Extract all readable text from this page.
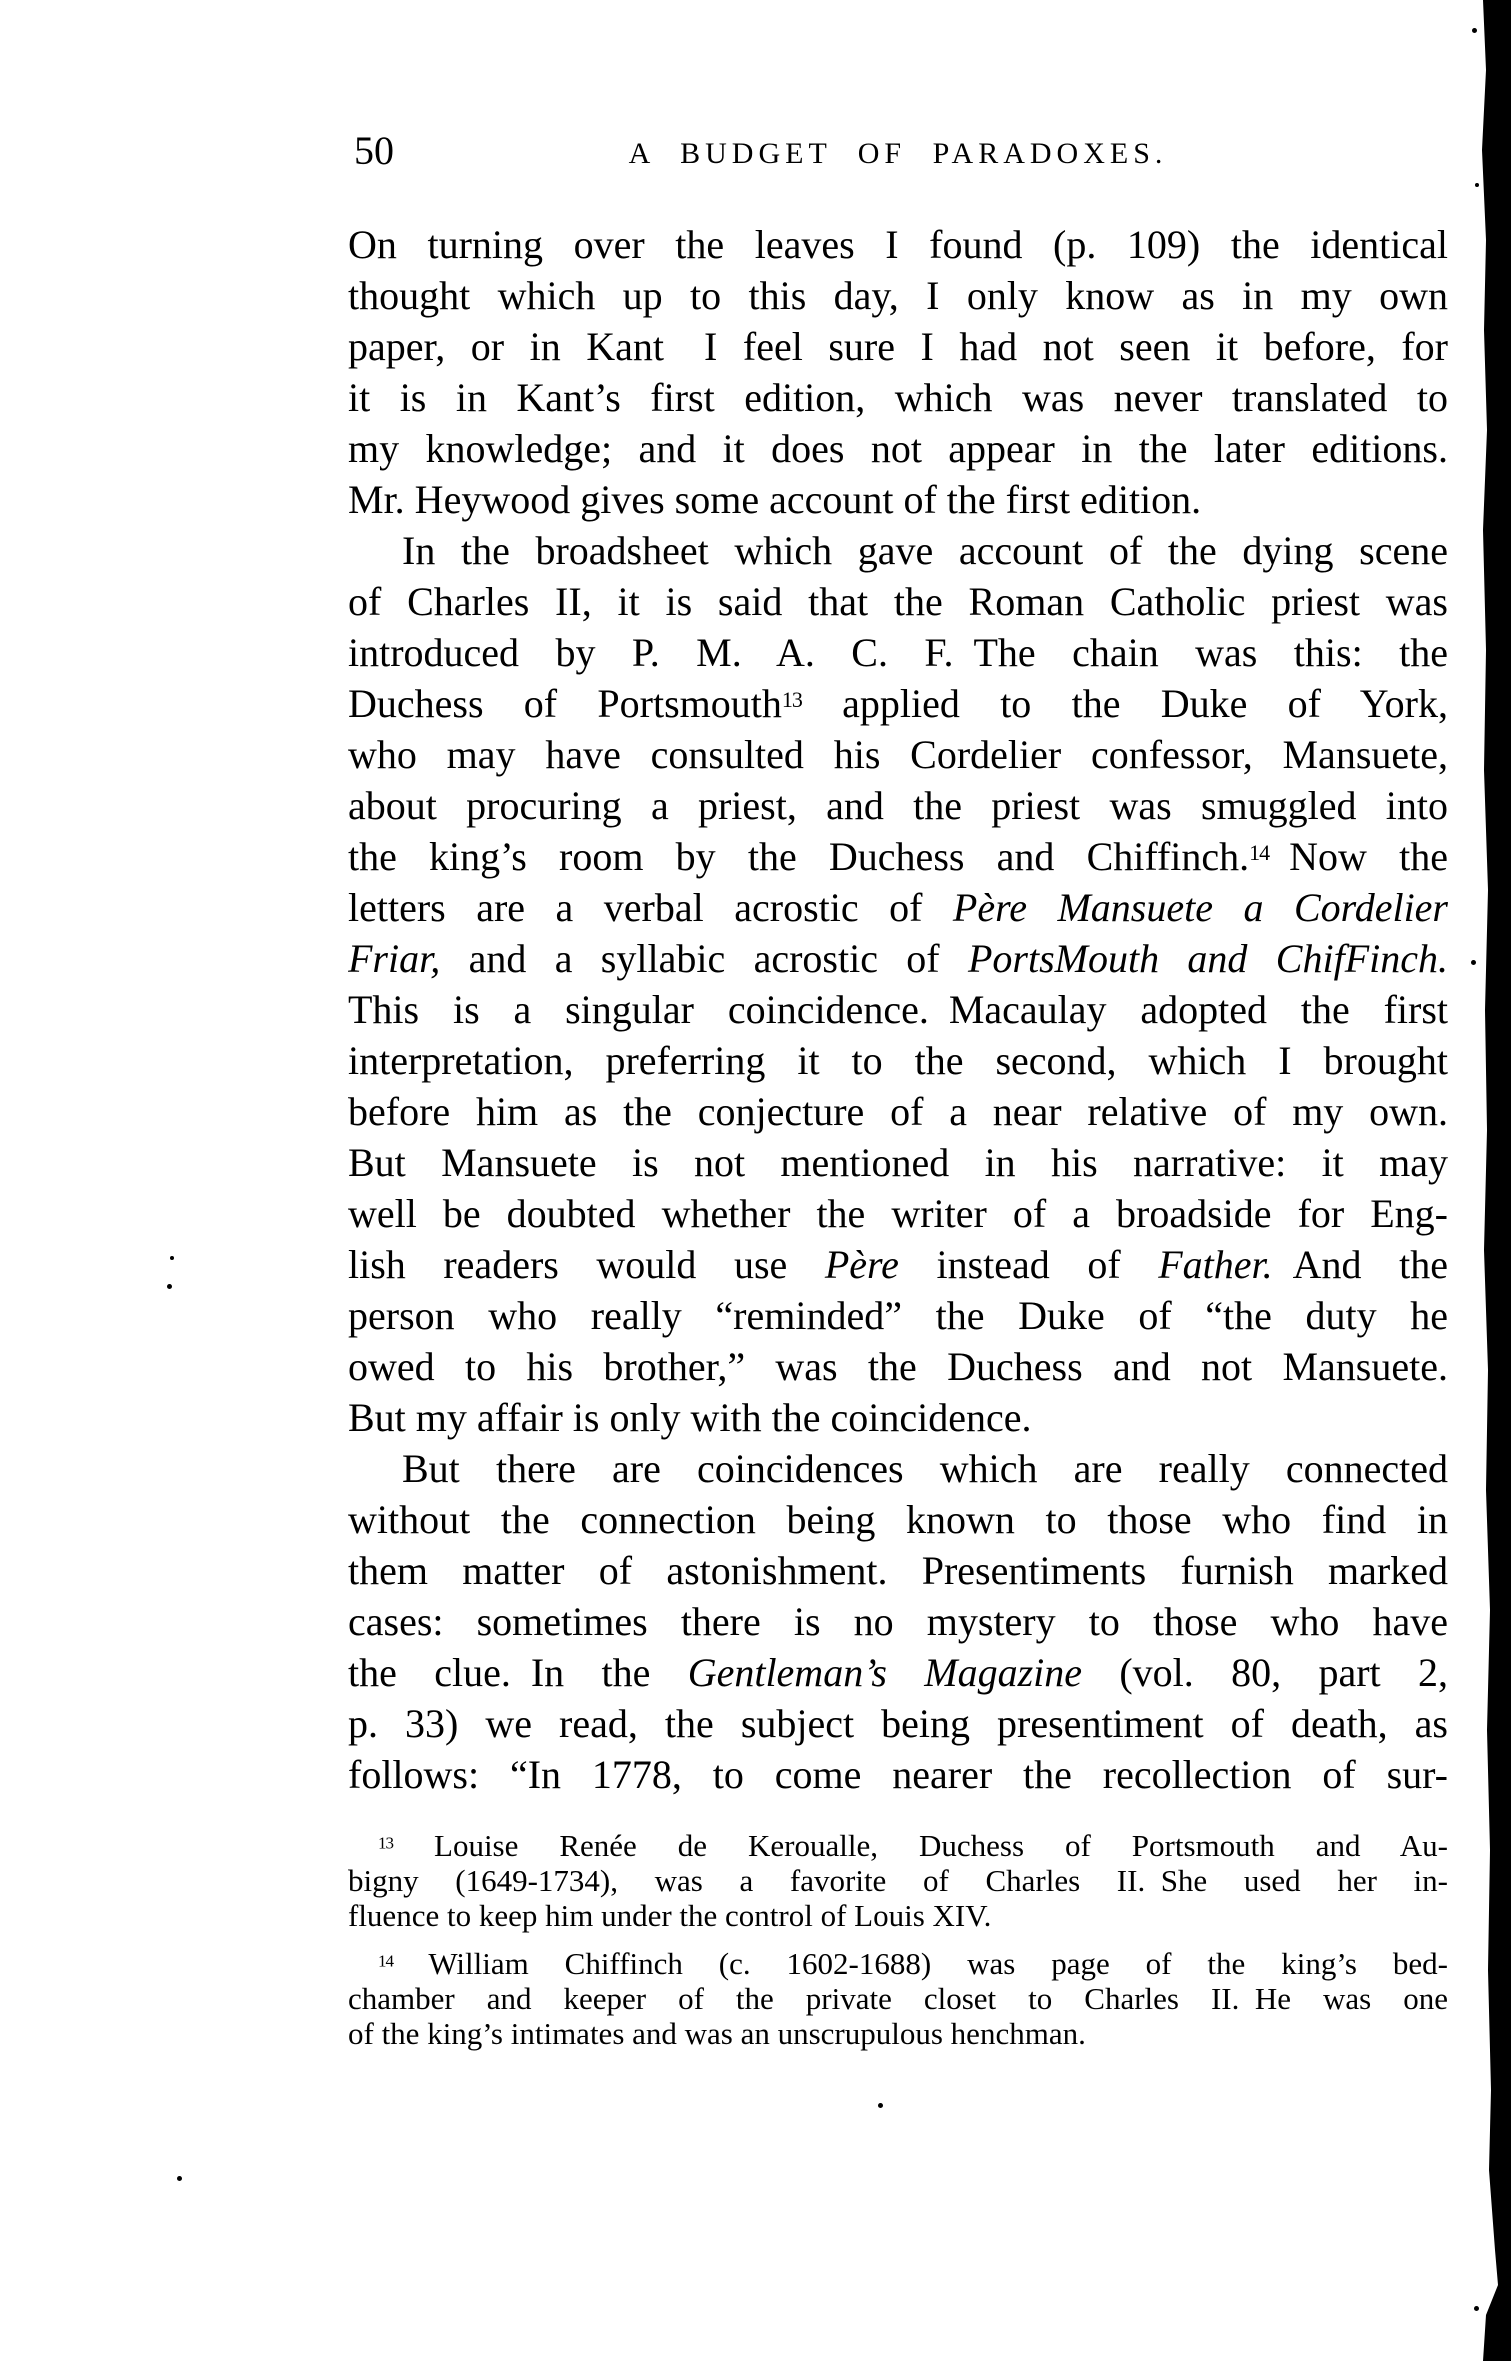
50	A BUDGET OF PARADOXES.
On turning over the leaves I found (p. 109) the identical
thought which up to this day, I only know as in my own
paper, or in Kant  I feel sure I had not seen it before, for
it is in Kant’s first edition, which was never translated to
my knowledge; and it does not appear in the later editions.
Mr. Heywood gives some account of the first edition.
In the broadsheet which gave account of the dying scene
of Charles II, it is said that the Roman Catholic priest was
introduced by P. M. A. C. F. The chain was this: the
Duchess of Portsmouth$^{13}$ applied to the Duke of York,
who may have consulted his Cordelier confessor, Mansuete,
about procuring a priest, and the priest was smuggled into
the king’s room by the Duchess and Chiffinch.$^{14}$ Now the
letters are a verbal acrostic of Père Mansuete a Cordelier
Friar, and a syllabic acrostic of PortsMouth and ChifFinch.
This is a singular coincidence. Macaulay adopted the first
interpretation, preferring it to the second, which I brought
before him as the conjecture of a near relative of my own.
But Mansuete is not mentioned in his narrative: it may
well be doubted whether the writer of a broadside for Eng-
lish readers would use Père instead of Father. And the
person who really “reminded” the Duke of “the duty he
owed to his brother,” was the Duchess and not Mansuete.
But my affair is only with the coincidence.
But there are coincidences which are really connected
without the connection being known to those who find in
them matter of astonishment. Presentiments furnish marked
cases: sometimes there is no mystery to those who have
the clue. In the Gentleman’s Magazine (vol. 80, part 2,
p. 33) we read, the subject being presentiment of death, as
follows: “In 1778, to come nearer the recollection of sur-
$^{13}$ Louise Renée de Keroualle, Duchess of Portsmouth and Au-
bigny (1649-1734), was a favorite of Charles II. She used her in-
fluence to keep him under the control of Louis XIV.
$^{14}$ William Chiffinch (c. 1602-1688) was page of the king’s bed-
chamber and keeper of the private closet to Charles II. He was one
of the king’s intimates and was an unscrupulous henchman.
